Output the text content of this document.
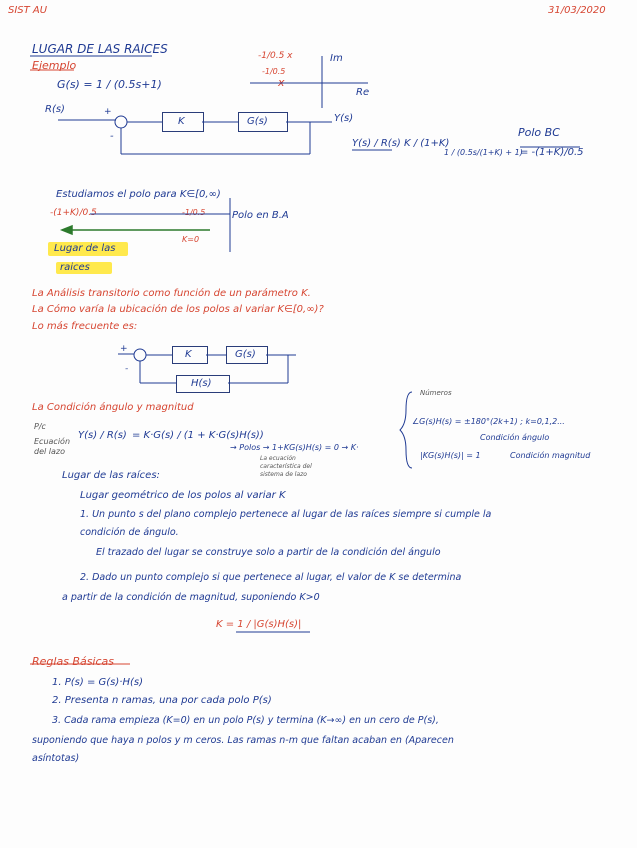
SIST AU	31/03/2020
LUGAR DE LAS RAICES
Ejemplo
G(s) = 1 / (0.5s+1)
-1/0.5 x	Im
Re
x
-1/0.5
R(s)	+
-
K	G(s)	Y(s)
Y(s) / R(s) K / (1+K)
1 / (0.5s/(1+K) + 1)
Polo BC
= -(1+K)/0.5
Estudiamos el polo para K∈[0,∞)
-(1+K)/0.5	-1/0.5
K=0
Polo en B.A
Lugar de las
raices
La Análisis transitorio como función de un parámetro K.
La Cómo varía la ubicación de los polos al variar K∈[0,∞)?
Lo más frecuente es:
+
-
K	G(s)
H(s)
La Condición ángulo y magnitud
P/c
Ecuación
del lazo
Y(s) / R(s) = K·G(s) / (1 + K·G(s)H(s))
→ Polos → 1+KG(s)H(s) = 0 → K·
La ecuación
característica del
sistema de lazo
Números
∠G(s)H(s) = ±180°(2k+1) ; k=0,1,2...
Condición ángulo
|KG(s)H(s)| = 1	Condición magnitud
Lugar de las raíces:
Lugar geométrico de los polos al variar K
1. Un punto s del plano complejo pertenece al lugar de las raíces siempre si cumple la
condición de ángulo.
El trazado del lugar se construye solo a partir de la condición del ángulo
2. Dado un punto complejo si que pertenece al lugar, el valor de K se determina
a partir de la condición de magnitud, suponiendo K>0
K = 1 / |G(s)H(s)|
Reglas Básicas
1. P(s) = G(s)·H(s)
2. Presenta n ramas, una por cada polo P(s)
3. Cada rama empieza (K=0) en un polo P(s) y termina (K→∞) en un cero de P(s),
suponiendo que haya n polos y m ceros. Las ramas n-m que faltan acaban en (Aparecen
asíntotas)
